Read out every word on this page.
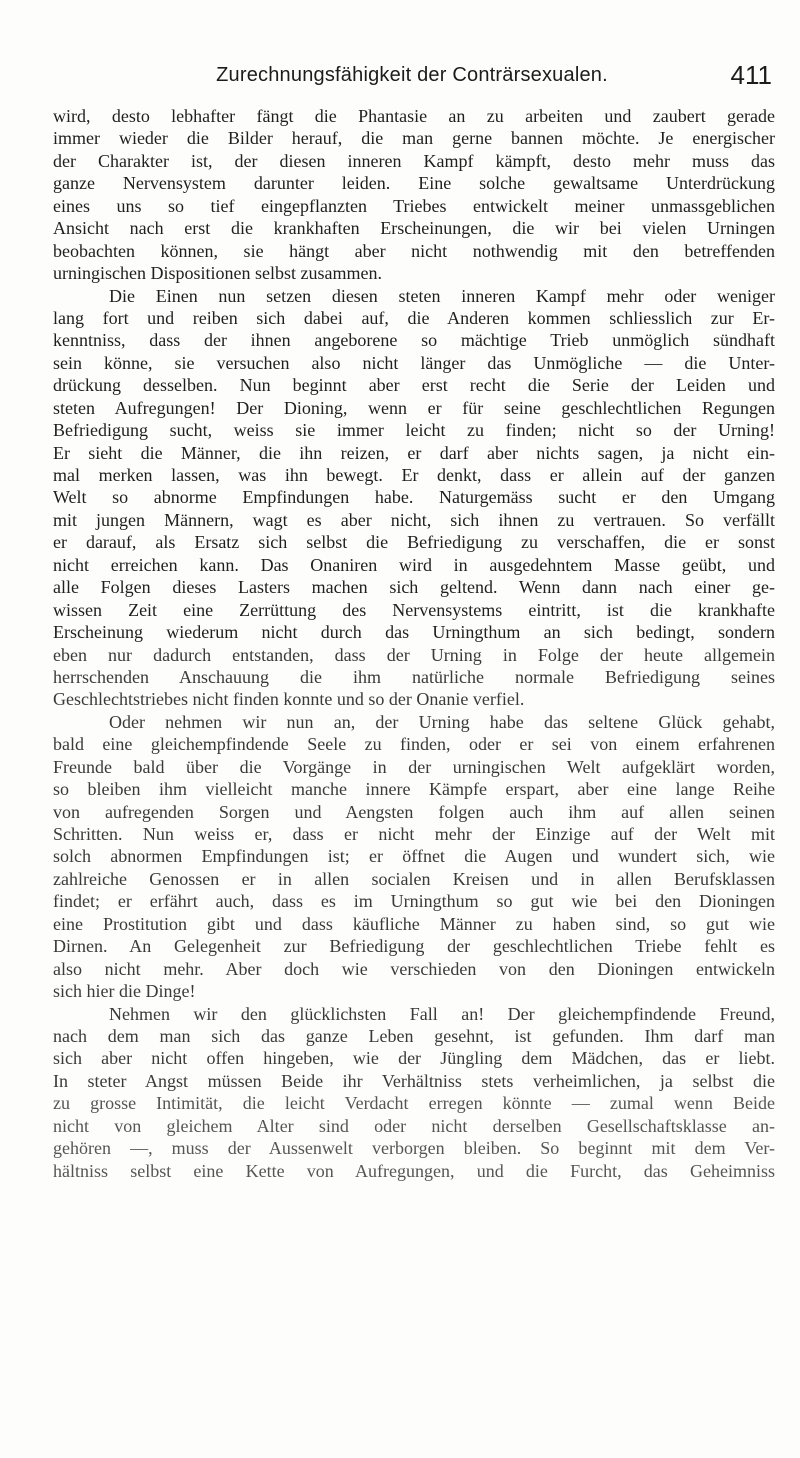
Zurechnungsfähigkeit der Conträrsexualen.	411
wird, desto lebhafter fängt die Phantasie an zu arbeiten und zaubert gerade
immer wieder die Bilder herauf, die man gerne bannen möchte. Je energischer
der Charakter ist, der diesen inneren Kampf kämpft, desto mehr muss das
ganze Nervensystem darunter leiden. Eine solche gewaltsame Unterdrückung
eines uns so tief eingepflanzten Triebes entwickelt meiner unmassgeblichen
Ansicht nach erst die krankhaften Erscheinungen, die wir bei vielen Urningen
beobachten können, sie hängt aber nicht nothwendig mit den betreffenden
urningischen Dispositionen selbst zusammen.
Die Einen nun setzen diesen steten inneren Kampf mehr oder weniger
lang fort und reiben sich dabei auf, die Anderen kommen schliesslich zur Er-
kenntniss, dass der ihnen angeborene so mächtige Trieb unmöglich sündhaft
sein könne, sie versuchen also nicht länger das Unmögliche — die Unter-
drückung desselben. Nun beginnt aber erst recht die Serie der Leiden und
steten Aufregungen! Der Dioning, wenn er für seine geschlechtlichen Regungen
Befriedigung sucht, weiss sie immer leicht zu finden; nicht so der Urning!
Er sieht die Männer, die ihn reizen, er darf aber nichts sagen, ja nicht ein-
mal merken lassen, was ihn bewegt. Er denkt, dass er allein auf der ganzen
Welt so abnorme Empfindungen habe. Naturgemäss sucht er den Umgang
mit jungen Männern, wagt es aber nicht, sich ihnen zu vertrauen. So verfällt
er darauf, als Ersatz sich selbst die Befriedigung zu verschaffen, die er sonst
nicht erreichen kann. Das Onaniren wird in ausgedehntem Masse geübt, und
alle Folgen dieses Lasters machen sich geltend. Wenn dann nach einer ge-
wissen Zeit eine Zerrüttung des Nervensystems eintritt, ist die krankhafte
Erscheinung wiederum nicht durch das Urningthum an sich bedingt, sondern
eben nur dadurch entstanden, dass der Urning in Folge der heute allgemein
herrschenden Anschauung die ihm natürliche normale Befriedigung seines
Geschlechtstriebes nicht finden konnte und so der Onanie verfiel.
Oder nehmen wir nun an, der Urning habe das seltene Glück gehabt,
bald eine gleichempfindende Seele zu finden, oder er sei von einem erfahrenen
Freunde bald über die Vorgänge in der urningischen Welt aufgeklärt worden,
so bleiben ihm vielleicht manche innere Kämpfe erspart, aber eine lange Reihe
von aufregenden Sorgen und Aengsten folgen auch ihm auf allen seinen
Schritten. Nun weiss er, dass er nicht mehr der Einzige auf der Welt mit
solch abnormen Empfindungen ist; er öffnet die Augen und wundert sich, wie
zahlreiche Genossen er in allen socialen Kreisen und in allen Berufsklassen
findet; er erfährt auch, dass es im Urningthum so gut wie bei den Dioningen
eine Prostitution gibt und dass käufliche Männer zu haben sind, so gut wie
Dirnen. An Gelegenheit zur Befriedigung der geschlechtlichen Triebe fehlt es
also nicht mehr. Aber doch wie verschieden von den Dioningen entwickeln
sich hier die Dinge!
Nehmen wir den glücklichsten Fall an! Der gleichempfindende Freund,
nach dem man sich das ganze Leben gesehnt, ist gefunden. Ihm darf man
sich aber nicht offen hingeben, wie der Jüngling dem Mädchen, das er liebt.
In steter Angst müssen Beide ihr Verhältniss stets verheimlichen, ja selbst die
zu grosse Intimität, die leicht Verdacht erregen könnte — zumal wenn Beide
nicht von gleichem Alter sind oder nicht derselben Gesellschaftsklasse an-
gehören —, muss der Aussenwelt verborgen bleiben. So beginnt mit dem Ver-
hältniss selbst eine Kette von Aufregungen, und die Furcht, das Geheimniss
